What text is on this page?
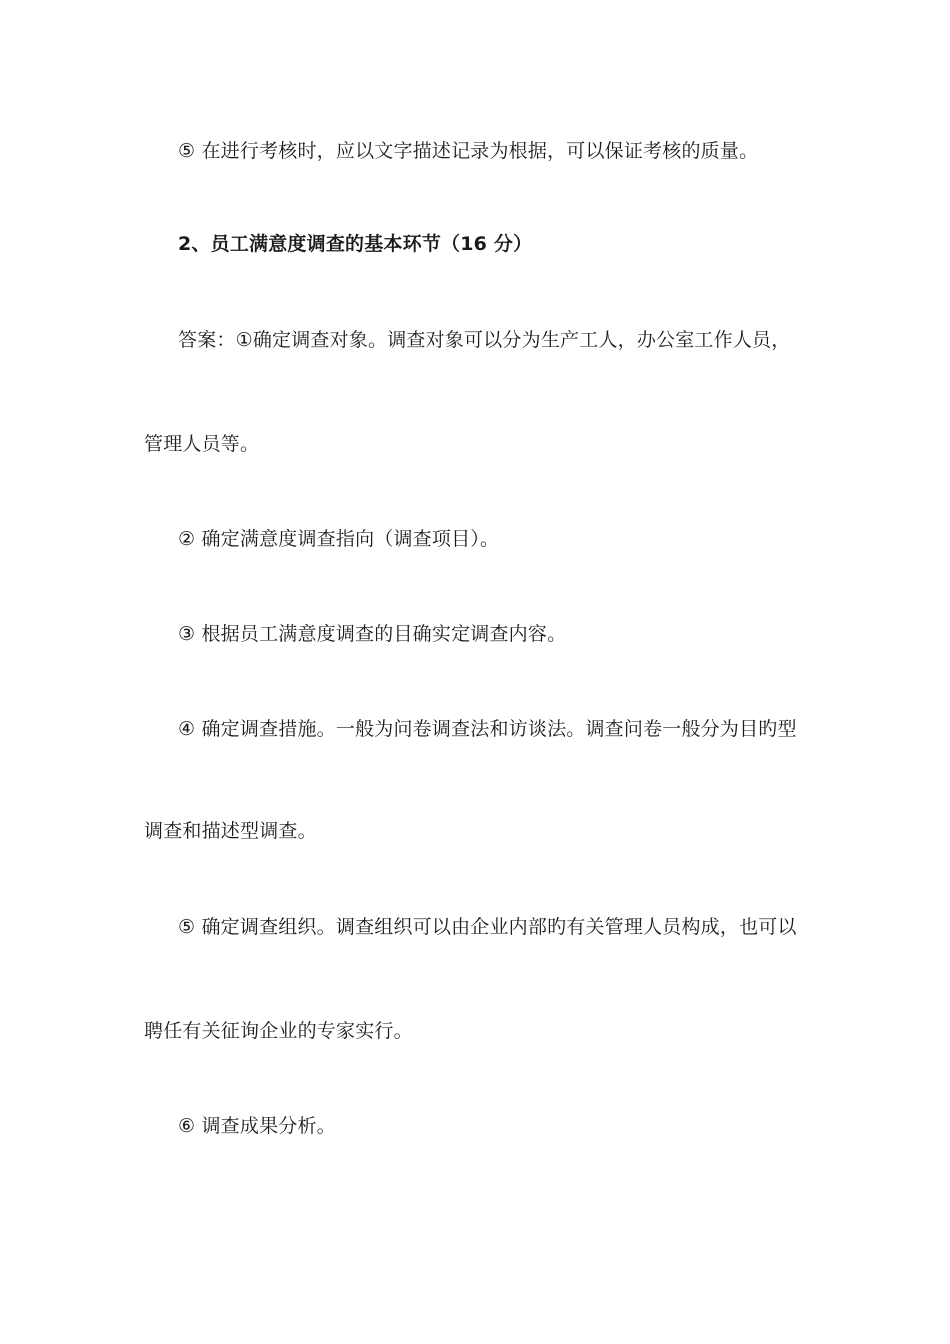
⑤ 在进行考核时，应以文字描述记录为根据，可以保证考核的质量。
2、员工满意度调查的基本环节（16 分）
答案：①确定调查对象。调查对象可以分为生产工人，办公室工作人员，
管理人员等。
② 确定满意度调查指向（调查项目）。
③ 根据员工满意度调查的目确实定调查内容。
④ 确定调查措施。一般为问卷调查法和访谈法。调查问卷一般分为目旳型
调查和描述型调查。
⑤ 确定调查组织。调查组织可以由企业内部旳有关管理人员构成，也可以
聘任有关征询企业的专家实行。
⑥ 调查成果分析。
